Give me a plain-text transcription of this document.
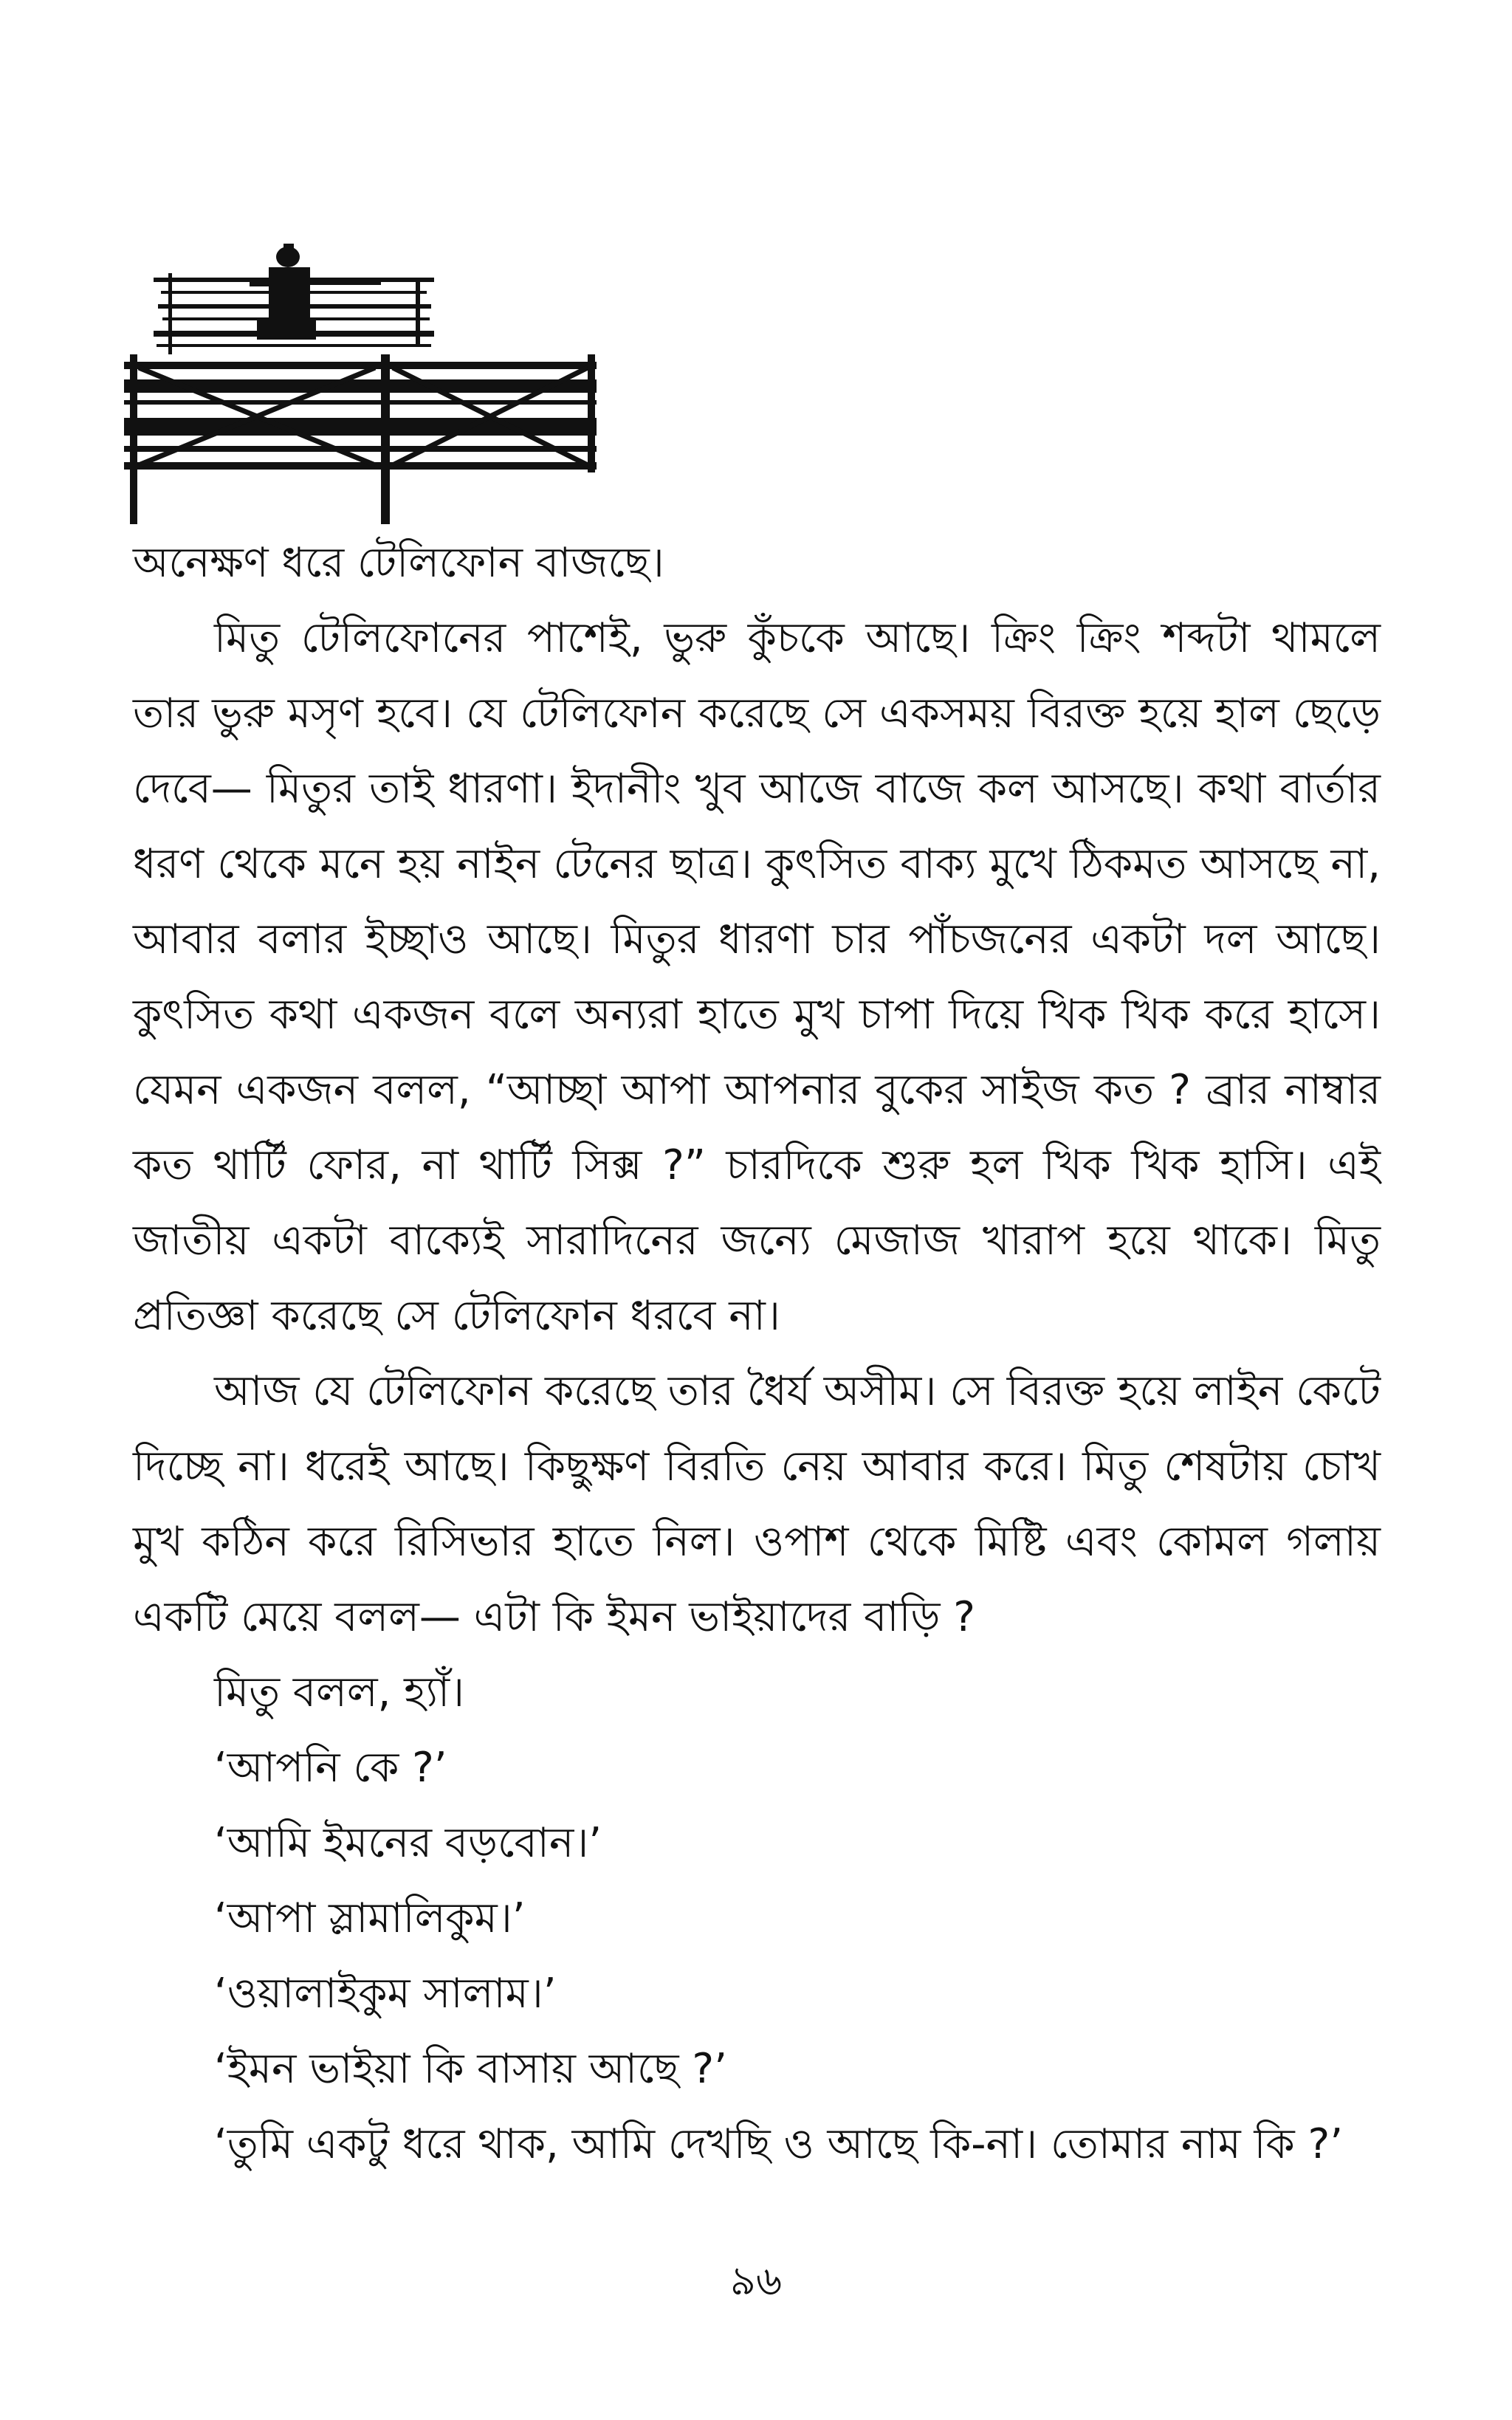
অনেক্ষণ ধরে টেলিফোন বাজছে।

মিতু টেলিফোনের পাশেই, ভুরু কুঁচকে আছে। ক্রিং ক্রিং শব্দটা থামলে তার ভুরু মসৃণ হবে। যে টেলিফোন করেছে সে একসময় বিরক্ত হয়ে হাল ছেড়ে দেবে— মিতুর তাই ধারণা। ইদানীং খুব আজে বাজে কল আসছে। কথা বার্তার ধরণ থেকে মনে হয় নাইন টেনের ছাত্র। কুৎসিত বাক্য মুখে ঠিকমত আসছে না, আবার বলার ইচ্ছাও আছে। মিতুর ধারণা চার পাঁচজনের একটা দল আছে। কুৎসিত কথা একজন বলে অন্যরা হাতে মুখ চাপা দিয়ে খিক খিক করে হাসে। যেমন একজন বলল, “আচ্ছা আপা আপনার বুকের সাইজ কত ? ব্রার নাম্বার কত থার্টি ফোর, না থার্টি সিক্স ?” চারদিকে শুরু হল খিক খিক হাসি। এই জাতীয় একটা বাক্যেই সারাদিনের জন্যে মেজাজ খারাপ হয়ে থাকে। মিতু প্রতিজ্ঞা করেছে সে টেলিফোন ধরবে না।

আজ যে টেলিফোন করেছে তার ধৈর্য অসীম। সে বিরক্ত হয়ে লাইন কেটে দিচ্ছে না। ধরেই আছে। কিছুক্ষণ বিরতি নেয় আবার করে। মিতু শেষটায় চোখ মুখ কঠিন করে রিসিভার হাতে নিল। ওপাশ থেকে মিষ্টি এবং কোমল গলায় একটি মেয়ে বলল— এটা কি ইমন ভাইয়াদের বাড়ি ?

মিতু বলল, হ্যাঁ।

‘আপনি কে ?’

‘আমি ইমনের বড়বোন।’

‘আপা স্লামালিকুম।’

‘ওয়ালাইকুম সালাম।’

‘ইমন ভাইয়া কি বাসায় আছে ?’

‘তুমি একটু ধরে থাক, আমি দেখছি ও আছে কি-না। তোমার নাম কি ?’

৯৬
